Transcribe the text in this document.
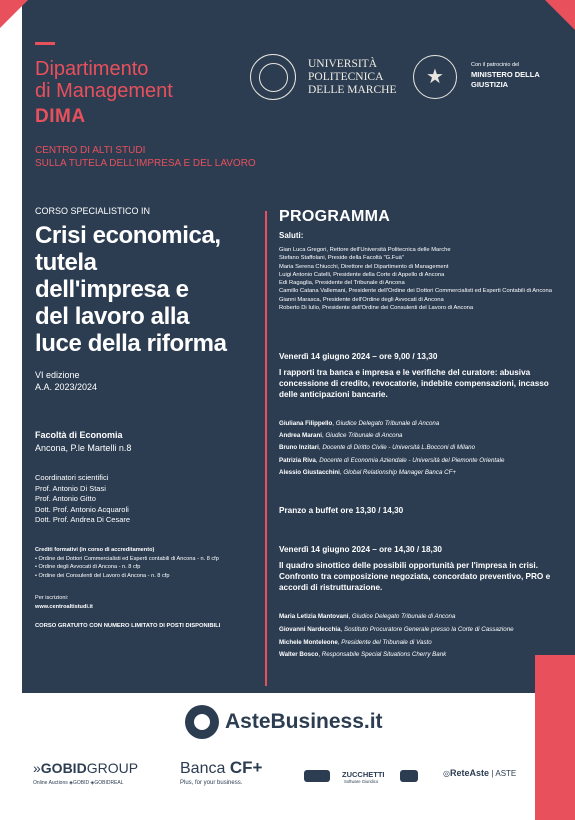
Dipartimento
di Management
DIMA
CENTRO DI ALTI STUDI
SULLA TUTELA DELL'IMPRESA E DEL LAVORO
UNIVERSITÀ
POLITECNICA
DELLE MARCHE
★
Con il patrocinio del
MINISTERO DELLA
GIUSTIZIA
CORSO SPECIALISTICO IN
Crisi economica,
tutela
dell'impresa e
del lavoro alla
luce della riforma
VI edizione
A.A. 2023/2024
Facoltà di Economia
Ancona, P.le Martelli n.8
Coordinatori scientifici
Prof. Antonio Di Stasi
Prof. Antonio Gitto
Dott. Prof. Antonio Acquaroli
Dott. Prof. Andrea Di Cesare
Crediti formativi (in corso di accreditamento)
• Ordine dei Dottori Commercialisti ed Esperti contabili di Ancona - n. 8 cfp
• Ordine degli Avvocati di Ancona - n. 8 cfp
• Ordine dei Consulenti del Lavoro di Ancona - n. 8 cfp
Per iscrizioni:
www.centroaltistudi.it
CORSO GRATUITO CON NUMERO LIMITATO DI POSTI DISPONIBILI
PROGRAMMA
Saluti:
Gian Luca Gregori, Rettore dell'Università Politecnica delle Marche
Stefano Staffolani, Preside della Facoltà "G.Fuà"
Maria Serena Chiucchi, Direttore del Dipartimento di Management
Luigi Antonio Catelli, Presidente della Corte di Appello di Ancona
Edi Ragaglia, Presidente del Tribunale di Ancona
Camillo Catana Vallemani, Presidente dell'Ordine dei Dottori Commercialisti ed Esperti Contabili di Ancona
Gianni Marasca, Presidente dell'Ordine degli Avvocati di Ancona
Roberto Di Iulio, Presidente dell'Ordine dei Consulenti del Lavoro di Ancona
Venerdì 14 giugno 2024 – ore 9,00 / 13,30
I rapporti tra banca e impresa e le verifiche del curatore: abusiva concessione di credito, revocatorie, indebite compensazioni, incasso delle anticipazioni bancarie.
Giuliana Filippello, Giudice Delegato Tribunale di Ancona
Andrea Marani, Giudice Tribunale di Ancona
Bruno Inzitari, Docente di Diritto Civile - Università L.Bocconi di Milano
Patrizia Riva, Docente di Economia Aziendale - Università del Piemonte Orientale
Alessio Giustacchini, Global Relationship Manager Banca CF+
Pranzo a buffet ore 13,30 / 14,30
Venerdì 14 giugno 2024 – ore 14,30 / 18,30
Il quadro sinottico delle possibili opportunità per l'impresa in crisi. Confronto tra composizione negoziata, concordato preventivo, PRO e accordi di ristrutturazione.
Maria Letizia Mantovani, Giudice Delegato Tribunale di Ancona
Giovanni Nardecchia, Sostituto Procuratore Generale presso la Corte di Cassazione
Michele Monteleone, Presidente del Tribunale di Vasto
Walter Bosco, Responsabile Special Situations Cherry Bank
AsteBusiness.it
»GOBIDGROUP
Online Auctions ◈GOBID ◈GOBIDREAL
Banca CF+
Plus, for your business.
ZUCCHETTI
Software Giuridico
◎ReteAste | ASTE
